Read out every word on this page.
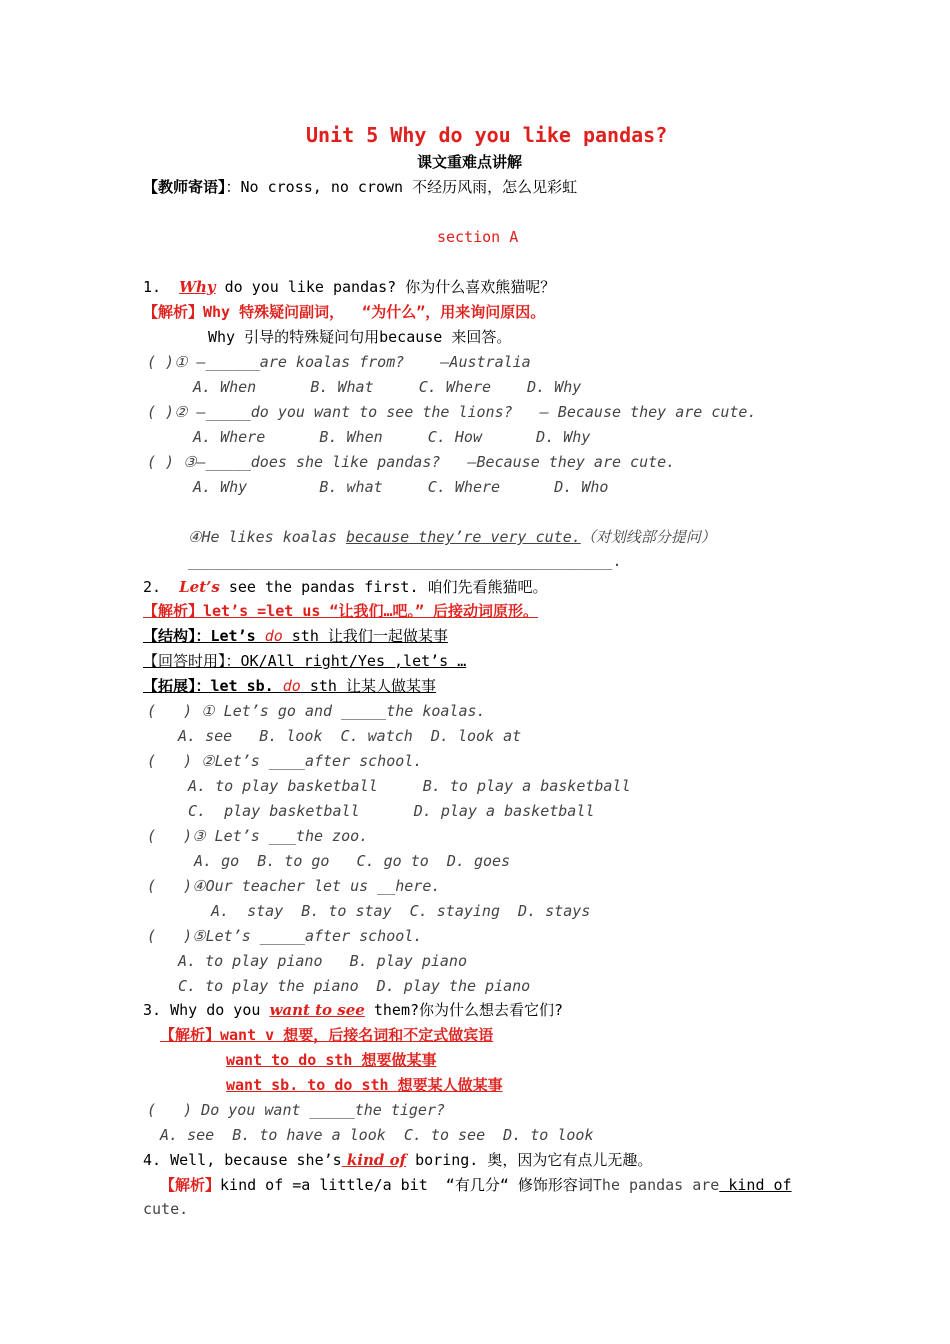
Unit 5 Why do you like pandas?
课文重难点讲解
【教师寄语】：No cross, no crown 不经历风雨，怎么见彩虹
section A
1. Why do you like pandas? 你为什么喜欢熊猫呢？
【解析】Why 特殊疑问副词，  “为什么”，用来询问原因。
Why 引导的特殊疑问句用because 来回答。
( )① —______are koalas from?    —Australia
A. When      B. What     C. Where    D. Why
( )② —_____do you want to see the lions?   — Because they are cute.
A. Where      B. When     C. How      D. Why
( ) ③—_____does she like pandas?   —Because they are cute.
A. Why        B. what     C. Where      D. Who
④He likes koalas because they’re very cute.（对划线部分提问）
_______________________________________________.
2. Let’s see the pandas first. 咱们先看熊猫吧。
【解析】let’s =let us “让我们…吧。” 后接动词原形。
【结构】：Let’s do sth 让我们一起做某事
【回答时用】：OK/All right/Yes ,let’s …
【拓展】：let sb. do sth 让某人做某事
(   ) ① Let’s go and _____the koalas.
A. see   B. look  C. watch  D. look at
(   ) ②Let’s ____after school.
A. to play basketball     B. to play a basketball
C.  play basketball      D. play a basketball
(   )③ Let’s ___the zoo.
A. go  B. to go   C. go to  D. goes
(   )④Our teacher let us __here.
A.  stay  B. to stay  C. staying  D. stays
(   )⑤Let’s _____after school.
A. to play piano   B. play piano
C. to play the piano  D. play the piano
3. Why do you want to see them?你为什么想去看它们?
【解析】want v 想要，后接名词和不定式做宾语
want to do sth 想要做某事
want sb. to do sth 想要某人做某事
(   ) Do you want _____the tiger?
A. see  B. to have a look  C. to see  D. to look
4. Well, because she’s kind of boring. 奥，因为它有点儿无趣。
【解析】kind of =a little/a bit  “有几分“ 修饰形容词The pandas are kind of
cute.
